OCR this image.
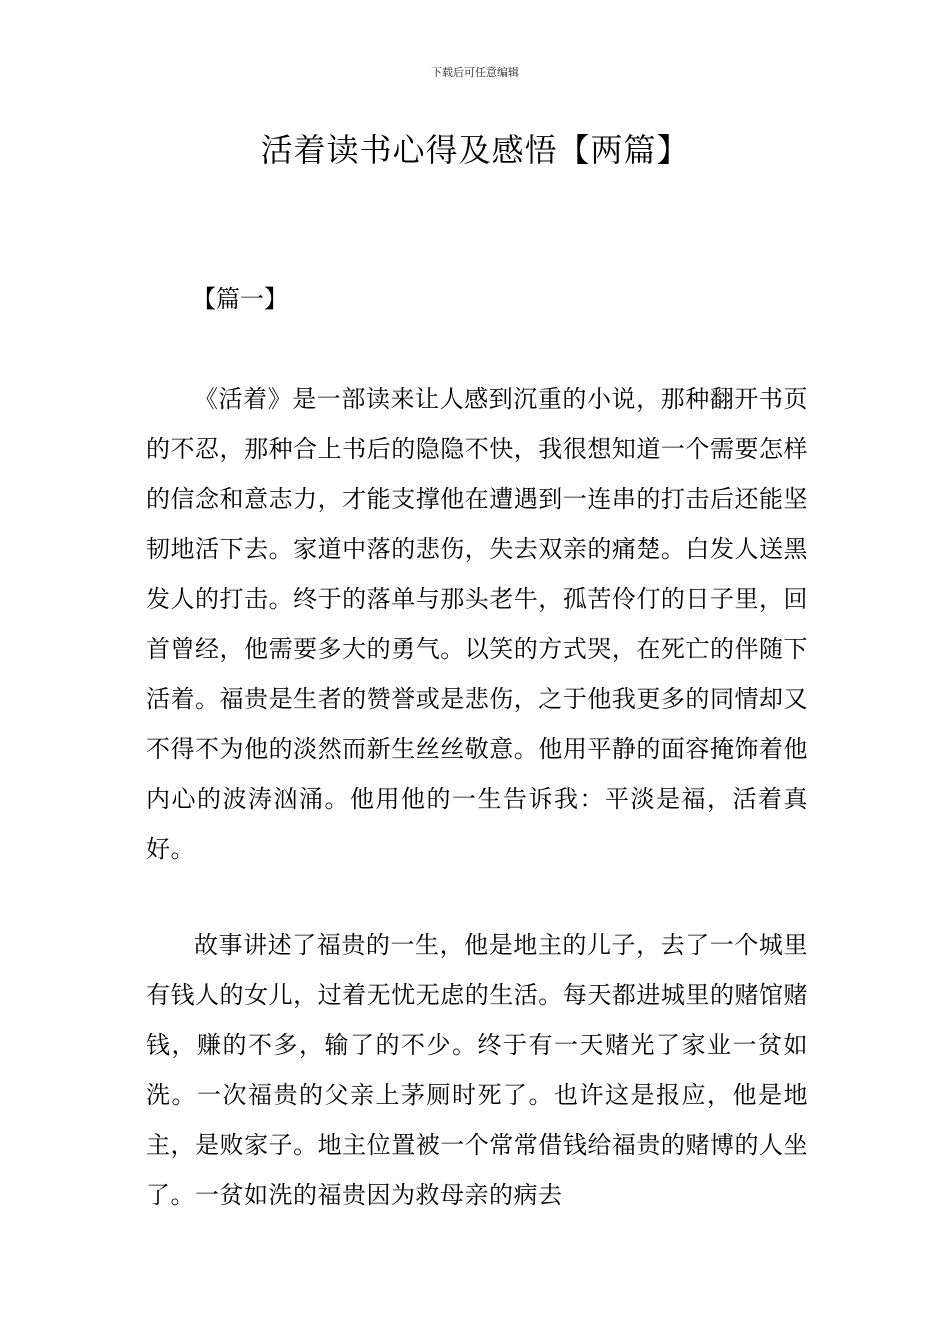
下载后可任意编辑
活着读书心得及感悟【两篇】
【篇一】

《活着》是一部读来让人感到沉重的小说，那种翻开书页的不忍，那种合上书后的隐隐不快，我很想知道一个需要怎样的信念和意志力，才能支撑他在遭遇到一连串的打击后还能坚韧地活下去。家道中落的悲伤，失去双亲的痛楚。白发人送黑发人的打击。终于的落单与那头老牛，孤苦伶仃的日子里，回首曾经，他需要多大的勇气。以笑的方式哭，在死亡的伴随下活着。福贵是生者的赞誉或是悲伤，之于他我更多的同情却又不得不为他的淡然而新生丝丝敬意。他用平静的面容掩饰着他内心的波涛汹涌。他用他的一生告诉我：平淡是福，活着真好。

故事讲述了福贵的一生，他是地主的儿子，去了一个城里有钱人的女儿，过着无忧无虑的生活。每天都进城里的赌馆赌钱，赚的不多，输了的不少。终于有一天赌光了家业一贫如洗。一次福贵的父亲上茅厕时死了。也许这是报应，他是地主，是败家子。地主位置被一个常常借钱给福贵的赌博的人坐了。一贫如洗的福贵因为救母亲的病去
